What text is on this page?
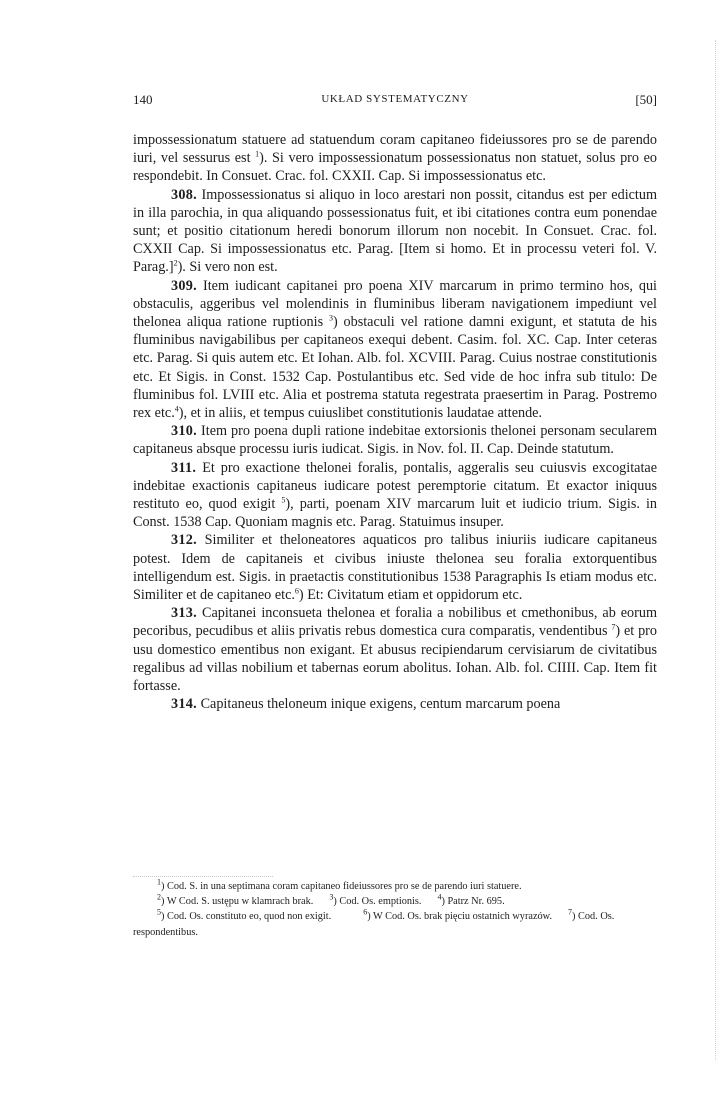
140	UKŁAD SYSTEMATYCZNY	[50]

impossessionatum statuere ad statuendum coram capitaneo fideiussores pro se de parendo iuri, vel sessurus est $^1$). Si vero impossessionatum possessionatus non statuet, solus pro eo respondebit. In Consuet. Crac. fol. CXXII. Cap. Si impossessionatus etc.

308. Impossessionatus si aliquo in loco arestari non possit, citandus est per edictum in illa parochia, in qua aliquando possessionatus fuit, et ibi citationes contra eum ponendae sunt; et positio citationum heredi bonorum illorum non nocebit. In Consuet. Crac. fol. CXXII Cap. Si impossessionatus etc. Parag. [Item si homo. Et in processu veteri fol. V. Parag.]$^2$). Si vero non est.

309. Item iudicant capitanei pro poena XIV marcarum in primo termino hos, qui obstaculis, aggeribus vel molendinis in fluminibus liberam navigationem impediunt vel thelonea aliqua ratione ruptionis $^3$) obstaculi vel ratione damni exigunt, et statuta de his fluminibus navigabilibus per capitaneos exequi debent. Casim. fol. XC. Cap. Inter ceteras etc. Parag. Si quis autem etc. Et Iohan. Alb. fol. XCVIII. Parag. Cuius nostrae constitutionis etc. Et Sigis. in Const. 1532 Cap. Postulantibus etc. Sed vide de hoc infra sub titulo: De fluminibus fol. LVIII etc. Alia et postrema statuta regestrata praesertim in Parag. Postremo rex etc.$^4$), et in aliis, et tempus cuiuslibet constitutionis laudatae attende.

310. Item pro poena dupli ratione indebitae extorsionis thelonei personam secularem capitaneus absque processu iuris iudicat. Sigis. in Nov. fol. II. Cap. Deinde statutum.

311. Et pro exactione thelonei foralis, pontalis, aggeralis seu cuiusvis excogitatae indebitae exactionis capitaneus iudicare potest peremptorie citatum. Et exactor iniquus restituto eo, quod exigit $^5$), parti, poenam XIV marcarum luit et iudicio trium. Sigis. in Const. 1538 Cap. Quoniam magnis etc. Parag. Statuimus insuper.

312. Similiter et theloneatores aquaticos pro talibus iniuriis iudicare capitaneus potest. Idem de capitaneis et civibus iniuste thelonea seu foralia extorquentibus intelligendum est. Sigis. in praetactis constitutionibus 1538 Paragraphis Is etiam modus etc. Similiter et de capitaneo etc.$^6$) Et: Civitatum etiam et oppidorum etc.

313. Capitanei inconsueta thelonea et foralia a nobilibus et cmethonibus, ab eorum pecoribus, pecudibus et aliis privatis rebus domestica cura comparatis, vendentibus $^7$) et pro usu domestico ementibus non exigant. Et abusus recipiendarum cervisiarum de civitatibus regalibus ad villas nobilium et tabernas eorum abolitus. Iohan. Alb. fol. CIIII. Cap. Item fit fortasse.

314. Capitaneus theloneum inique exigens, centum marcarum poena

$^1$) Cod. S. in una septimana coram capitaneo fideiussores pro se de parendo iuri statuere.

$^2$) W Cod. S. ustępu w klamrach brak. $^3$) Cod. Os. emptionis. $^4$) Patrz Nr. 695.

$^5$) Cod. Os. constituto eo, quod non exigit.	$^6$) W Cod. Os. brak pięciu ostatnich wyrazów. $^7$) Cod. Os. respondentibus.
